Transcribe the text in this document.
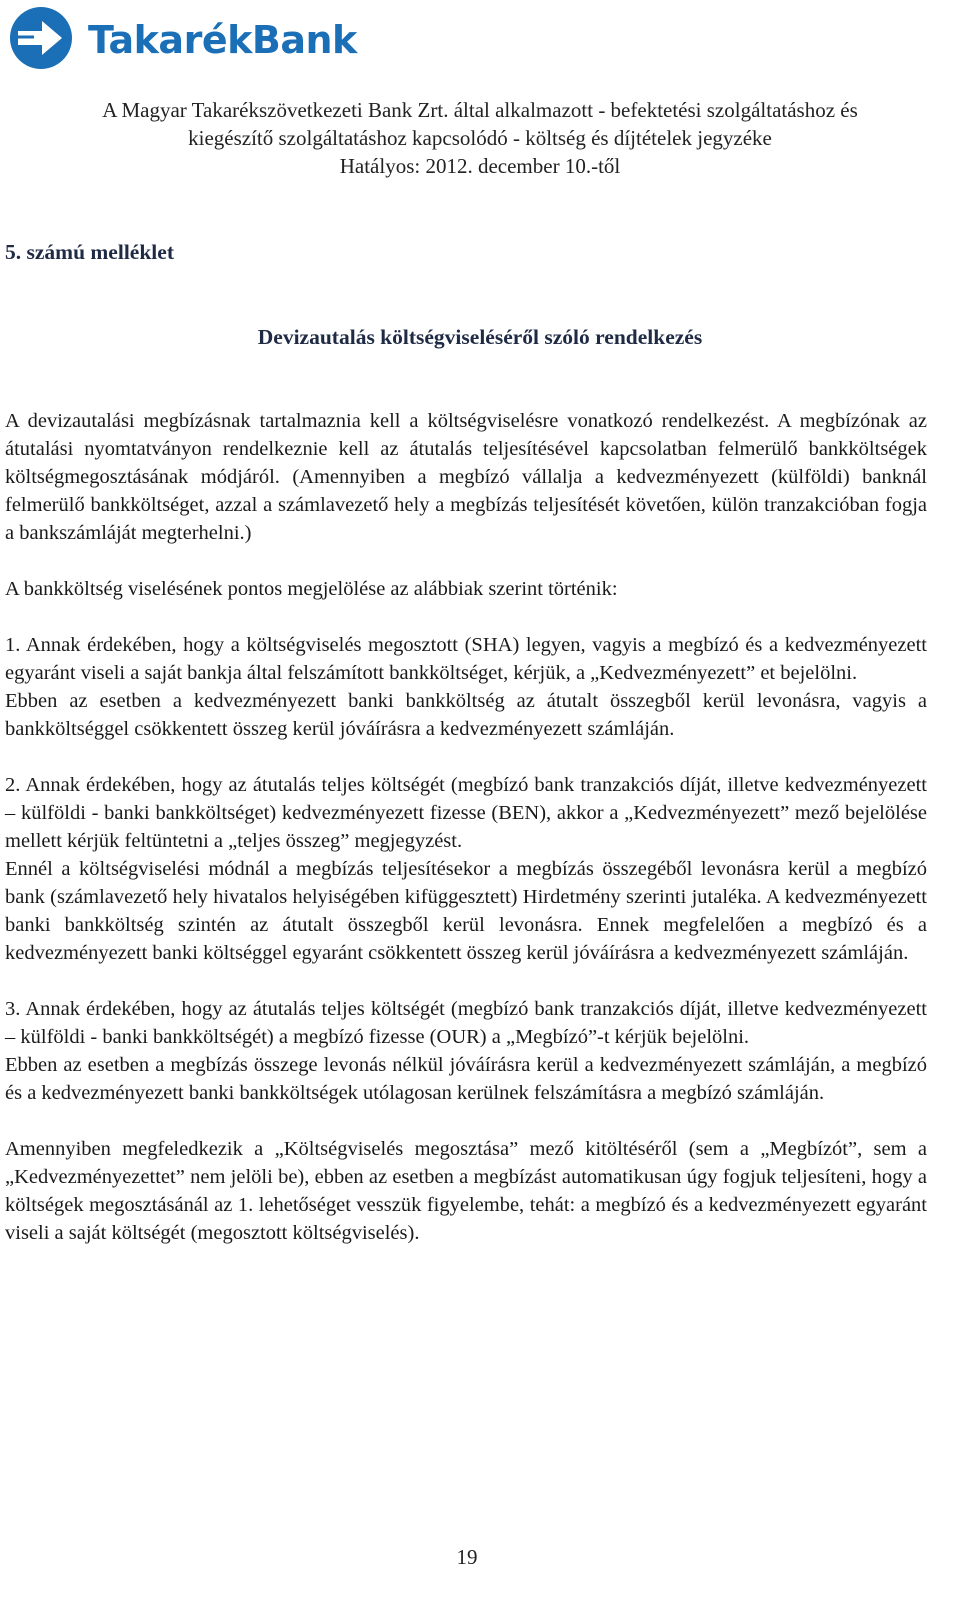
TakarékBank
A Magyar Takarékszövetkezeti Bank Zrt. által alkalmazott - befektetési szolgáltatáshoz és
kiegészítő szolgáltatáshoz kapcsolódó - költség és díjtételek jegyzéke
Hatályos: 2012. december 10.-től
5. számú melléklet
Devizautalás költségviseléséről szóló rendelkezés

A devizautalási megbízásnak tartalmaznia kell a költségviselésre vonatkozó rendelkezést. A megbízónak az átutalási nyomtatványon rendelkeznie kell az átutalás teljesítésével kapcsolatban felmerülő bankköltségek költségmegosztásának módjáról. (Amennyiben a megbízó vállalja a kedvezményezett (külföldi) banknál felmerülő bankköltséget, azzal a számlavezető hely a megbízás teljesítését követően, külön tranzakcióban fogja a bankszámláját megterhelni.)

A bankköltség viselésének pontos megjelölése az alábbiak szerint történik:

1. Annak érdekében, hogy a költségviselés megosztott (SHA) legyen, vagyis a megbízó és a kedvezményezett egyaránt viseli a saját bankja által felszámított bankköltséget, kérjük, a „Kedvezményezett” et bejelölni.

Ebben az esetben a kedvezményezett banki bankköltség az átutalt összegből kerül levonásra, vagyis a bankköltséggel csökkentett összeg kerül jóváírásra a kedvezményezett számláján.

2. Annak érdekében, hogy az átutalás teljes költségét (megbízó bank tranzakciós díját, illetve kedvezményezett – külföldi - banki bankköltséget) kedvezményezett fizesse (BEN), akkor a „Kedvezményezett” mező bejelölése mellett kérjük feltüntetni a „teljes összeg” megjegyzést.

Ennél a költségviselési módnál a megbízás teljesítésekor a megbízás összegéből levonásra kerül a megbízó bank (számlavezető hely hivatalos helyiségében kifüggesztett) Hirdetmény szerinti jutaléka. A kedvezményezett banki bankköltség szintén az átutalt összegből kerül levonásra. Ennek megfelelően a megbízó és a kedvezményezett banki költséggel egyaránt csökkentett összeg kerül jóváírásra a kedvezményezett számláján.

3. Annak érdekében, hogy az átutalás teljes költségét (megbízó bank tranzakciós díját, illetve kedvezményezett – külföldi - banki bankköltségét) a megbízó fizesse (OUR) a „Megbízó”-t kérjük bejelölni.

Ebben az esetben a megbízás összege levonás nélkül jóváírásra kerül a kedvezményezett számláján, a megbízó és a kedvezményezett banki bankköltségek utólagosan kerülnek felszámításra a megbízó számláján.

Amennyiben megfeledkezik a „Költségviselés megosztása” mező kitöltéséről (sem a „Megbízót”, sem a „Kedvezményezettet” nem jelöli be), ebben az esetben a megbízást automatikusan úgy fogjuk teljesíteni, hogy a költségek megosztásánál az 1. lehetőséget vesszük figyelembe, tehát: a megbízó és a kedvezményezett egyaránt viseli a saját költségét (megosztott költségviselés).

19
